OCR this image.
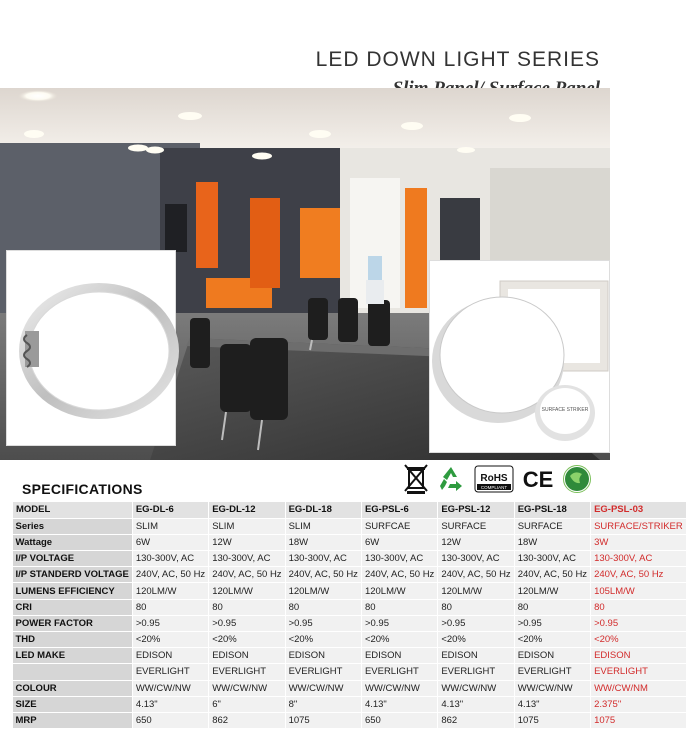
LED DOWN LIGHT SERIES
SURFACE STRIKER
RoHS
COMPLIANT CE
SPECIFICATIONS
MODEL	EG-DL-6	EG-DL-12	EG-DL-18	EG-PSL-6	EG-PSL-12	EG-PSL-18	EG-PSL-03
Series	SLIM	SLIM	SLIM	SURFCAE	SURFACE	SURFACE	SURFACE/STRIKER
Wattage	6W	12W	18W	6W	12W	18W	3W
I/P VOLTAGE	130-300V, AC	130-300V, AC	130-300V, AC	130-300V, AC	130-300V, AC	130-300V, AC	130-300V, AC
I/P STANDERD VOLTAGE	240V, AC, 50 Hz	240V, AC, 50 Hz	240V, AC, 50 Hz	240V, AC, 50 Hz	240V, AC, 50 Hz	240V, AC, 50 Hz	240V, AC, 50 Hz
LUMENS EFFICIENCY	120LM/W	120LM/W	120LM/W	120LM/W	120LM/W	120LM/W	105LM/W
CRI	80	80	80	80	80	80	80
POWER FACTOR	>0.95	>0.95	>0.95	>0.95	>0.95	>0.95	>0.95
THD	<20%	<20%	<20%	<20%	<20%	<20%	<20%
LED MAKE	EDISON	EDISON	EDISON	EDISON	EDISON	EDISON	EDISON
	EVERLIGHT	EVERLIGHT	EVERLIGHT	EVERLIGHT	EVERLIGHT	EVERLIGHT	EVERLIGHT
COLOUR	WW/CW/NW	WW/CW/NW	WW/CW/NW	WW/CW/NW	WW/CW/NW	WW/CW/NW	WW/CW/NM
SIZE	4.13"	6"	8"	4.13"	4.13"	4.13"	2.375"
MRP	650	862	1075	650	862	1075	1075
